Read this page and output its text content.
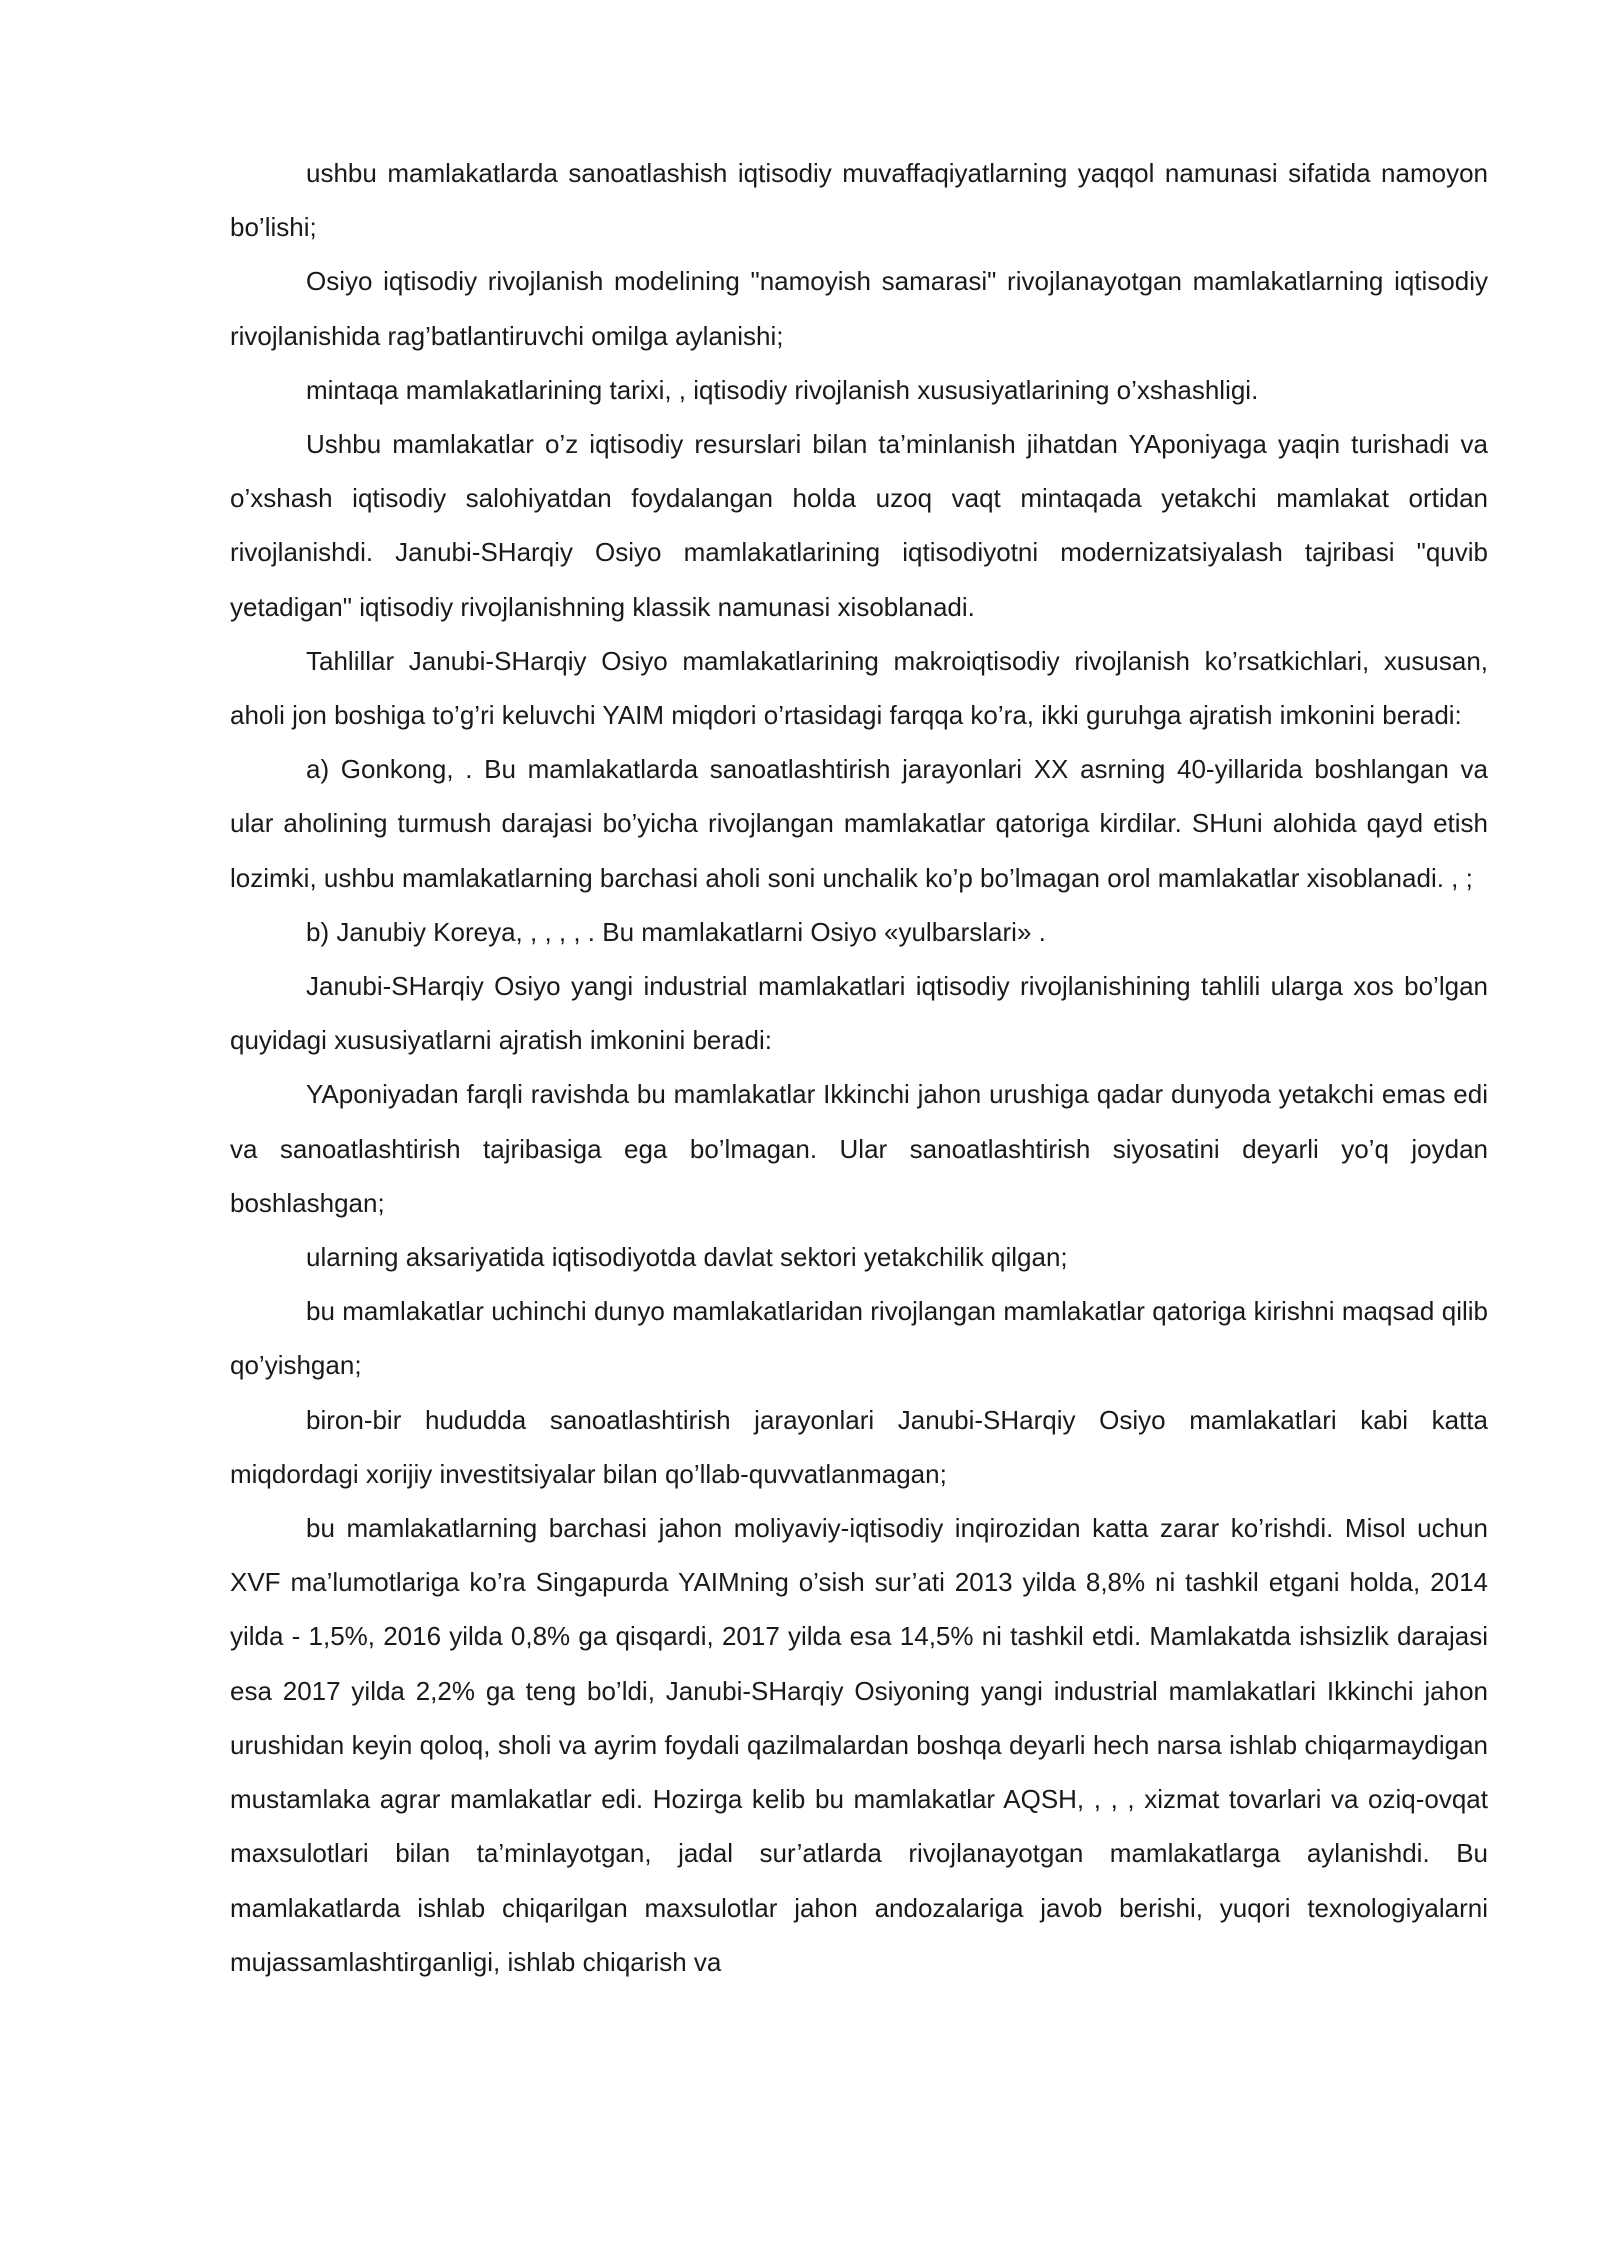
ushbu mamlakatlarda sanoatlashish iqtisodiy muvaffaqiyatlarning yaqqol namunasi sifatida namoyon bo’lishi;

Osiyo iqtisodiy rivojlanish modelining "namoyish samarasi" rivojlanayotgan mamlakatlarning iqtisodiy rivojlanishida rag’batlantiruvchi omilga aylanishi;

mintaqa mamlakatlarining tarixi, , iqtisodiy rivojlanish xususiyatlarining o’xshashligi.

Ushbu mamlakatlar o’z iqtisodiy resurslari bilan ta’minlanish jihatdan YAponiyaga yaqin turishadi va o’xshash iqtisodiy salohiyatdan foydalangan holda uzoq vaqt mintaqada yetakchi mamlakat ortidan rivojlanishdi. Janubi-SHarqiy Osiyo mamlakatlarining iqtisodiyotni modernizatsiyalash tajribasi "quvib yetadigan" iqtisodiy rivojlanishning klassik namunasi xisoblanadi.

Tahlillar Janubi-SHarqiy Osiyo mamlakatlarining makroiqtisodiy rivojlanish ko’rsatkichlari, xususan, aholi jon boshiga to’g’ri keluvchi YAIM miqdori o’rtasidagi farqqa ko’ra, ikki guruhga ajratish imkonini beradi:

a) Gonkong, . Bu mamlakatlarda sanoatlashtirish jarayonlari XX asrning 40-yillarida boshlangan va ular aholining turmush darajasi bo’yicha rivojlangan mamlakatlar qatoriga kirdilar. SHuni alohida qayd etish lozimki, ushbu mamlakatlarning barchasi aholi soni unchalik ko’p bo’lmagan orol mamlakatlar xisoblanadi. , ;

b) Janubiy Koreya, , , , , . Bu mamlakatlarni Osiyo «yulbarslari» .

Janubi-SHarqiy Osiyo yangi industrial mamlakatlari iqtisodiy rivojlanishining tahlili ularga xos bo’lgan quyidagi xususiyatlarni ajratish imkonini beradi:

YAponiyadan farqli ravishda bu mamlakatlar Ikkinchi jahon urushiga qadar dunyoda yetakchi emas edi va sanoatlashtirish tajribasiga ega bo’lmagan. Ular sanoatlashtirish siyosatini deyarli yo’q joydan boshlashgan;

ularning aksariyatida iqtisodiyotda davlat sektori yetakchilik qilgan;

bu mamlakatlar uchinchi dunyo mamlakatlaridan rivojlangan mamlakatlar qatoriga kirishni maqsad qilib qo’yishgan;

biron-bir hududda sanoatlashtirish jarayonlari Janubi-SHarqiy Osiyo mamlakatlari kabi katta miqdordagi xorijiy investitsiyalar bilan qo’llab-quvvatlanmagan;

bu mamlakatlarning barchasi jahon moliyaviy-iqtisodiy inqirozidan katta zarar ko’rishdi. Misol uchun XVF ma’lumotlariga ko’ra Singapurda YAIMning o’sish sur’ati 2013 yilda 8,8% ni tashkil etgani holda, 2014 yilda - 1,5%, 2016 yilda 0,8% ga qisqardi, 2017 yilda esa 14,5% ni tashkil etdi. Mamlakatda ishsizlik darajasi esa 2017 yilda 2,2% ga teng bo’ldi, Janubi-SHarqiy Osiyoning yangi industrial mamlakatlari Ikkinchi jahon urushidan keyin qoloq, sholi va ayrim foydali qazilmalardan boshqa deyarli hech narsa ishlab chiqarmaydigan mustamlaka agrar mamlakatlar edi. Hozirga kelib bu mamlakatlar AQSH, , , , xizmat tovarlari va oziq-ovqat maxsulotlari bilan ta’minlayotgan, jadal sur’atlarda rivojlanayotgan mamlakatlarga aylanishdi. Bu mamlakatlarda ishlab chiqarilgan maxsulotlar jahon andozalariga javob berishi, yuqori texnologiyalarni mujassamlashtirganligi, ishlab chiqarish va
